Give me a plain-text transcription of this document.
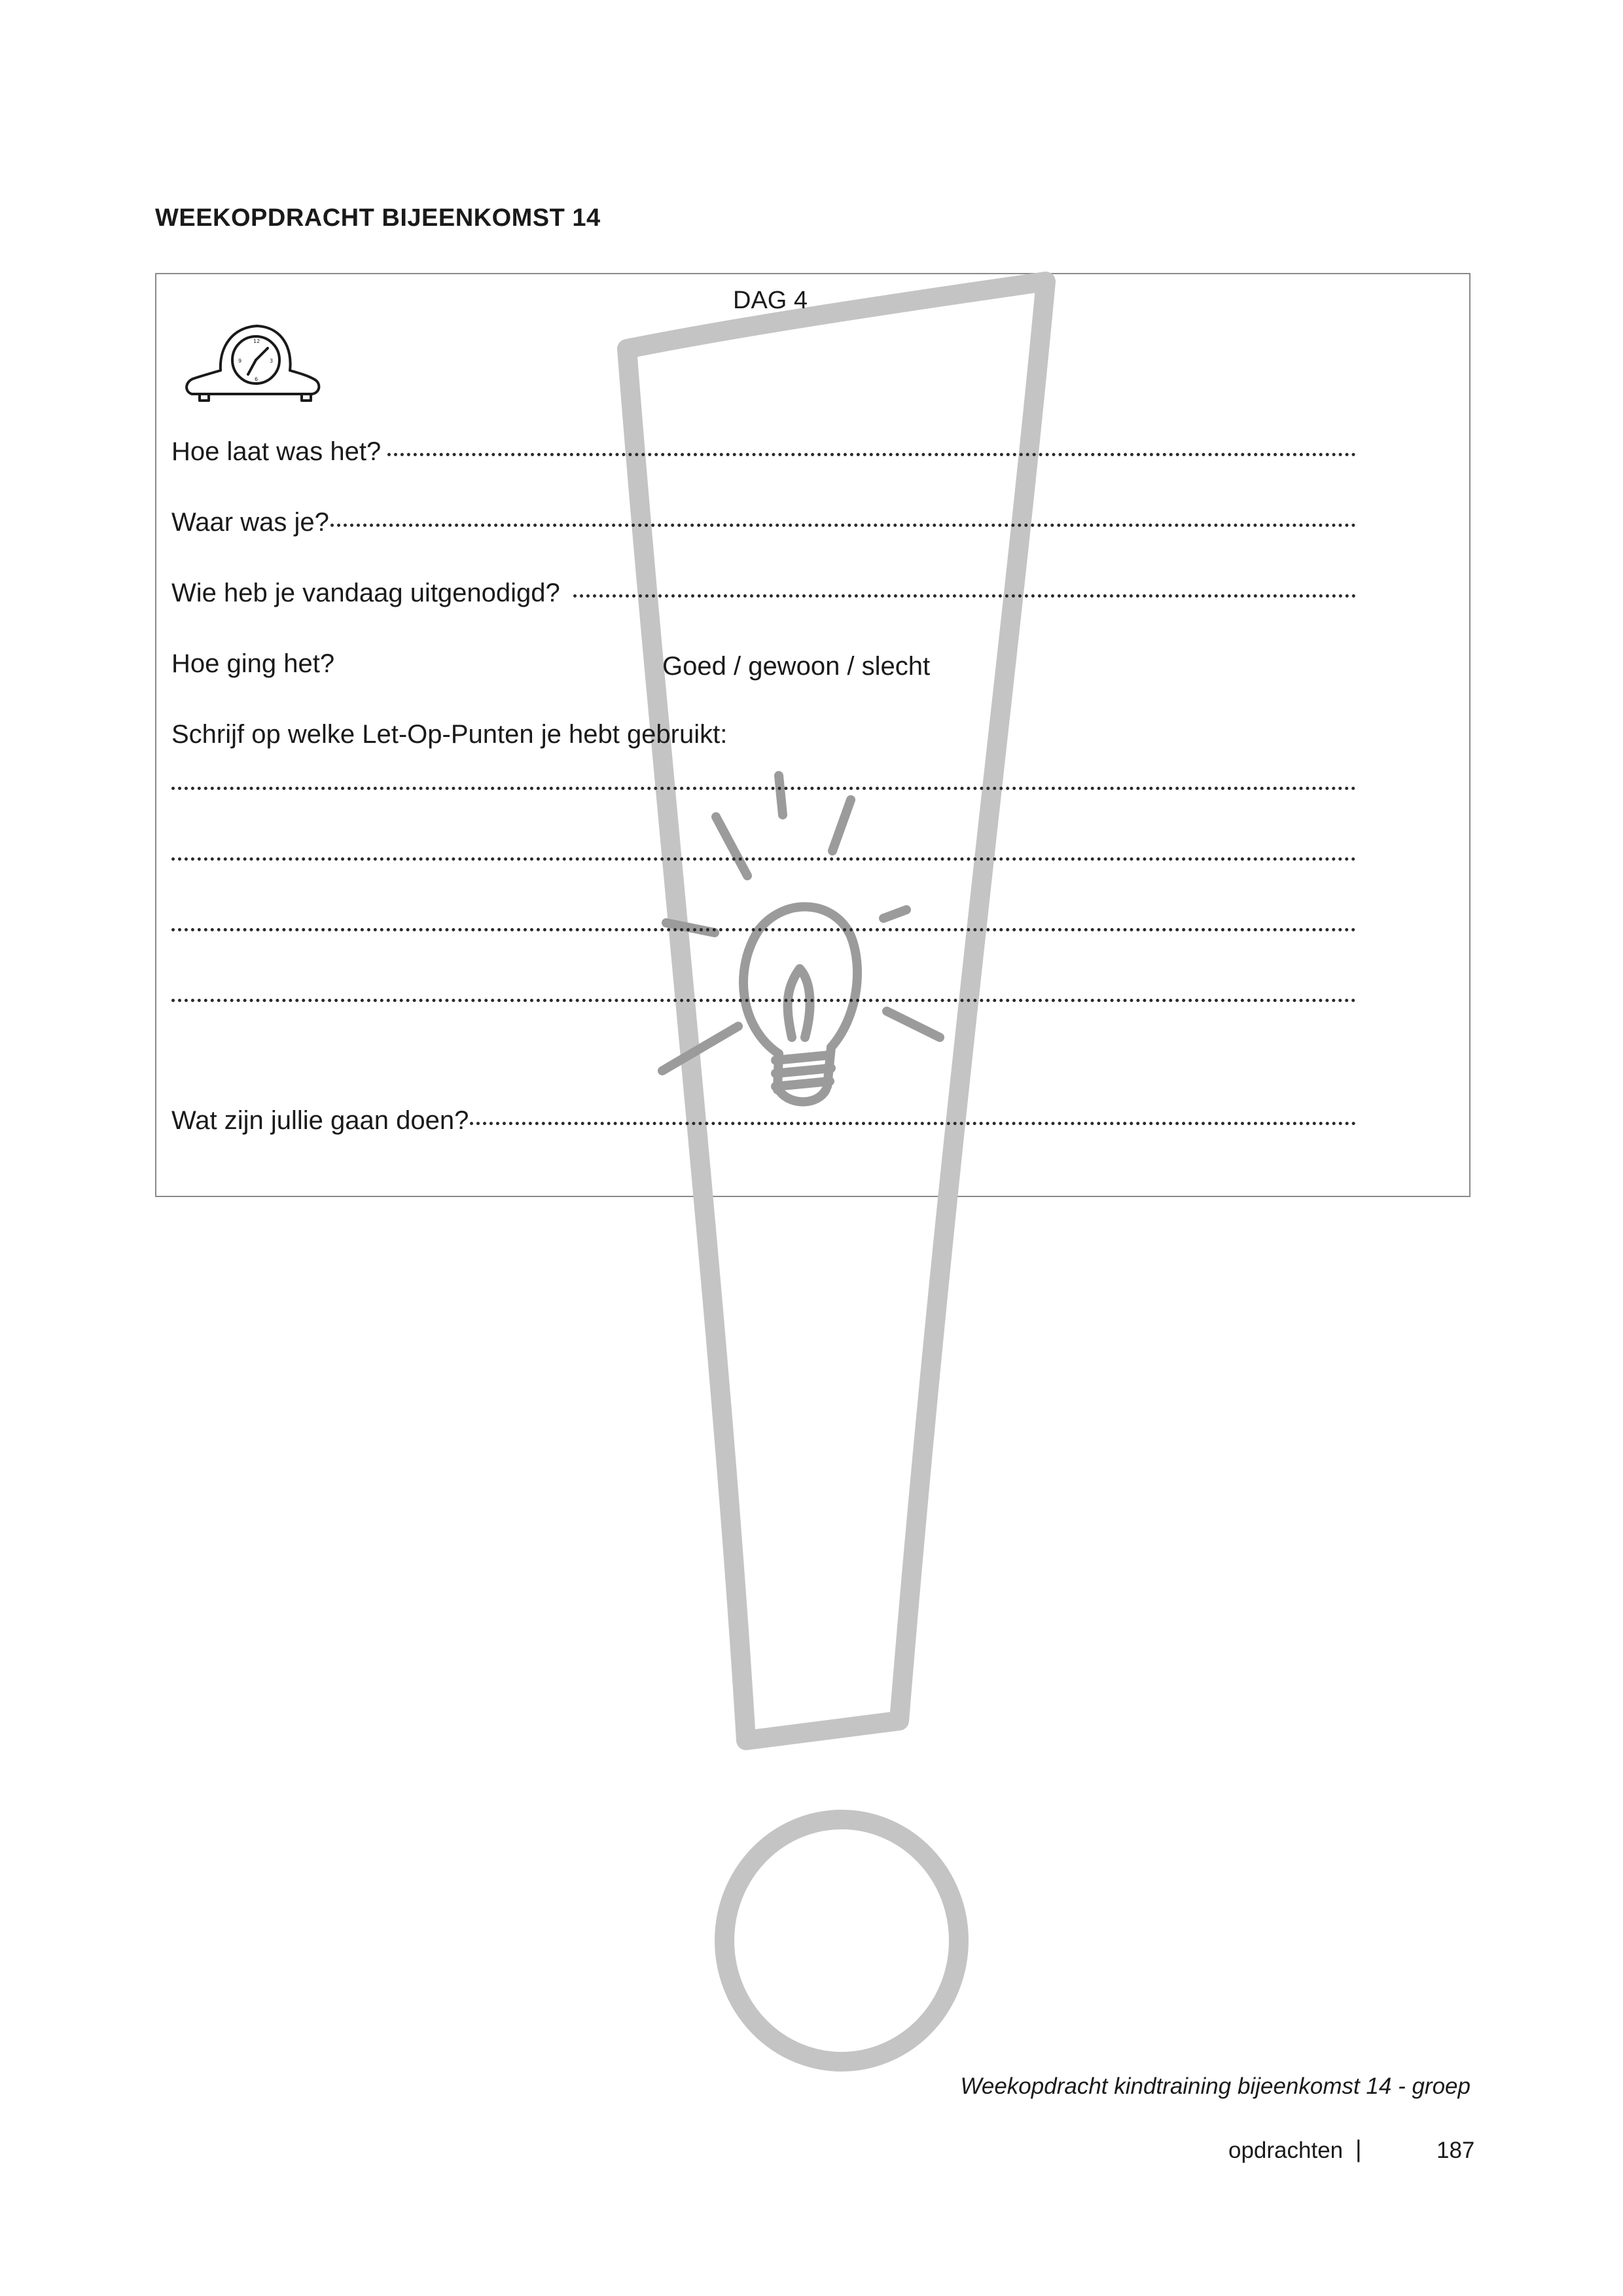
WEEKOPDRACHT BIJEENKOMST 14
DAG 4
12
3
6
9
Hoe laat was het?
Waar was je?
Wie heb je vandaag uitgenodigd?
Hoe ging het?	Goed / gewoon / slecht
Schrijf op welke Let-Op-Punten je hebt gebruikt:
Wat zijn jullie gaan doen?
Weekopdracht kindtraining bijeenkomst 14 - groep
opdrachten |	187
